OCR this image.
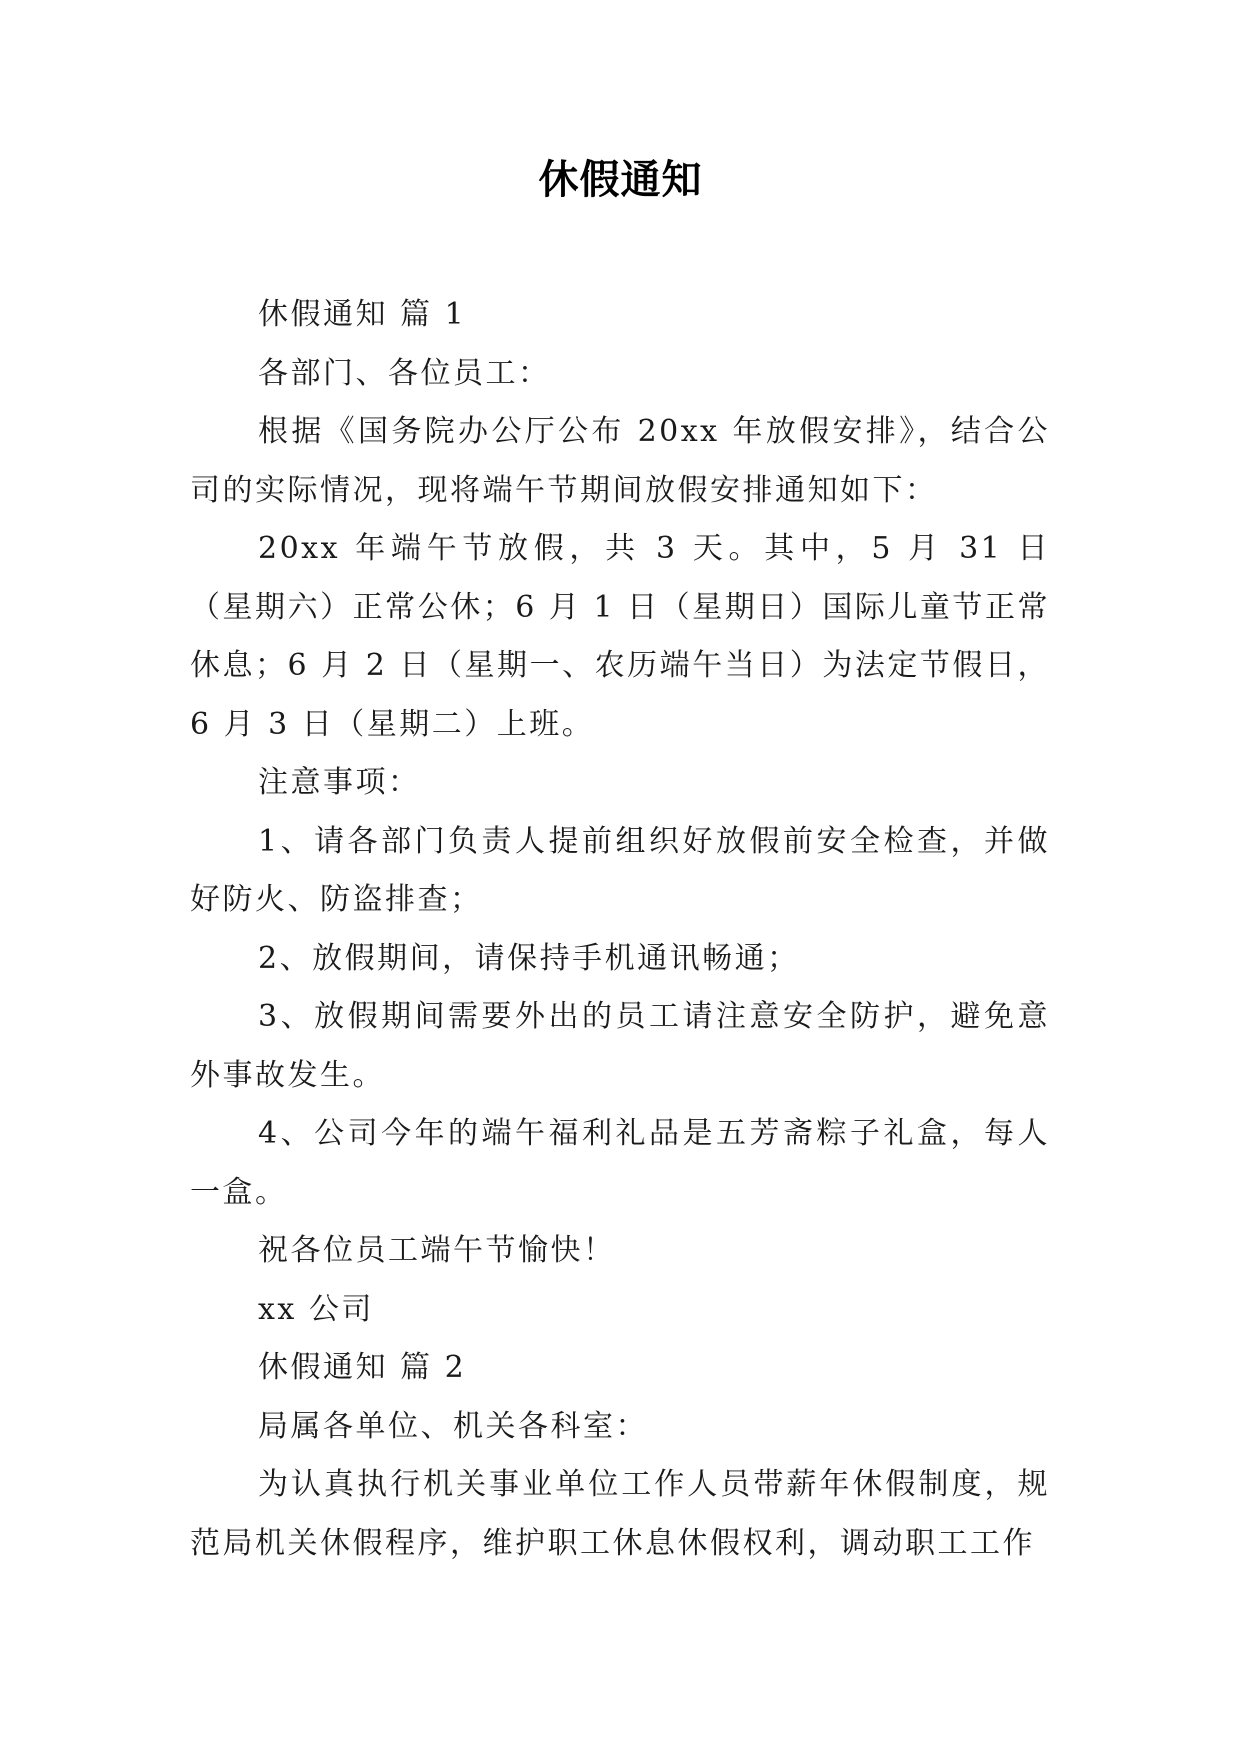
休假通知

休假通知 篇 1

各部门、各位员工：

根据《国务院办公厅公布 20xx 年放假安排》，结合公司的实际情况，现将端午节期间放假安排通知如下：

20xx 年端午节放假，共 3 天。其中，5 月 31 日（星期六）正常公休；6 月 1 日（星期日）国际儿童节正常休息；6 月 2 日（星期一、农历端午当日）为法定节假日，6 月 3 日（星期二）上班。

注意事项：

1、请各部门负责人提前组织好放假前安全检查，并做好防火、防盗排查；

2、放假期间，请保持手机通讯畅通；

3、放假期间需要外出的员工请注意安全防护，避免意外事故发生。

4、公司今年的端午福利礼品是五芳斋粽子礼盒，每人一盒。

祝各位员工端午节愉快！

xx 公司

休假通知 篇 2

局属各单位、机关各科室：

为认真执行机关事业单位工作人员带薪年休假制度，规范局机关休假程序，维护职工休息休假权利，调动职工工作
